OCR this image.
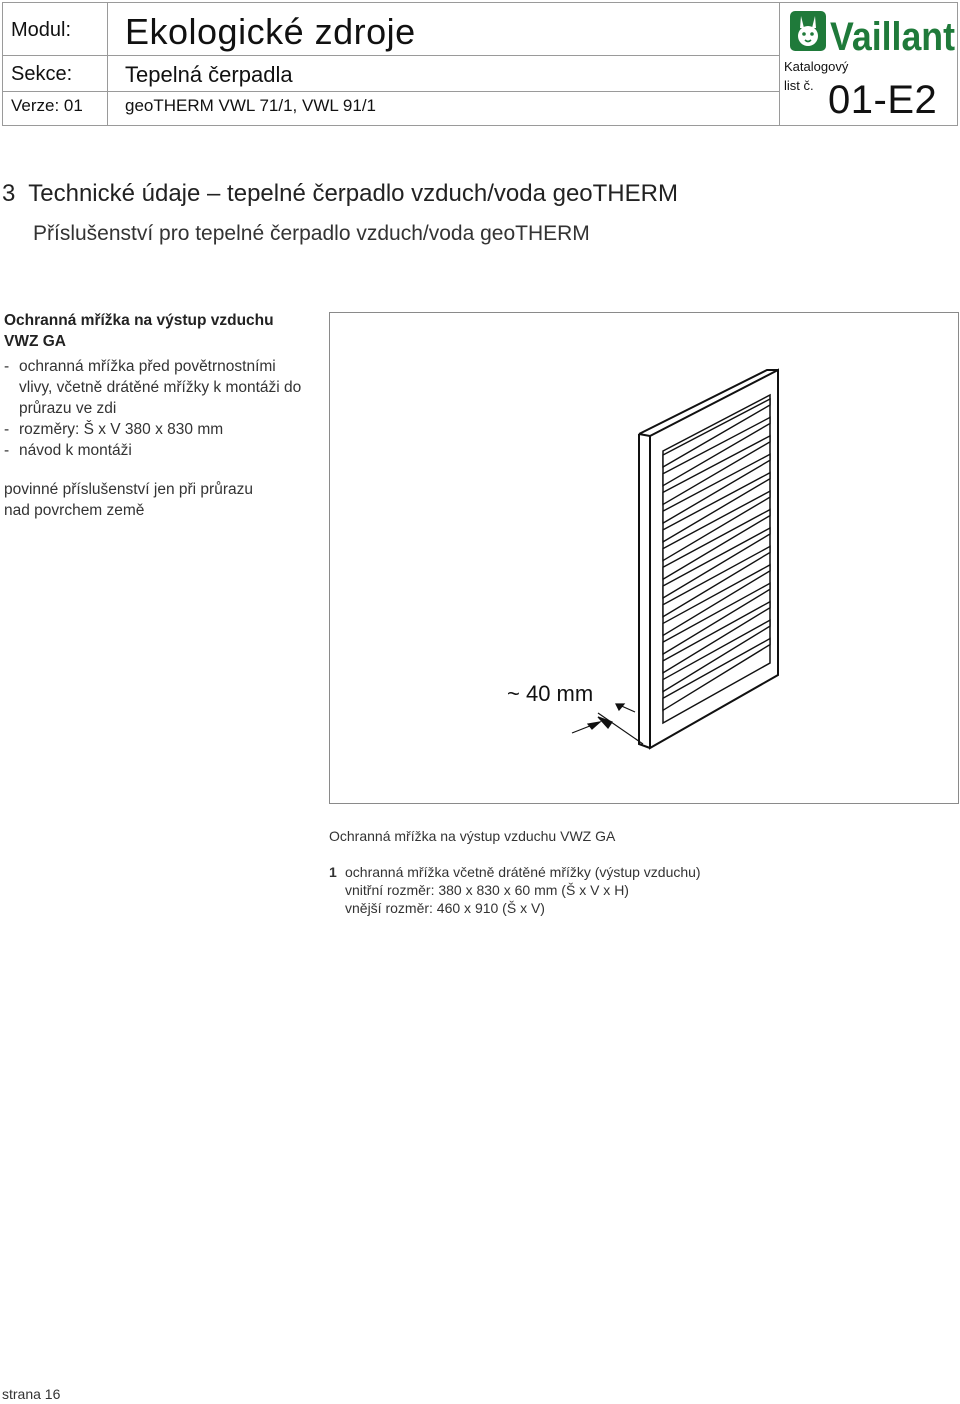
Modul: Ekologické zdroje
Sekce: Tepelná čerpadla
Verze: 01 geoTHERM VWL 71/1, VWL 91/1
Vaillant
Katalogový
list č. 01-E2
3  Technické údaje – tepelné čerpadlo vzduch/voda geoTHERM
Příslušenství pro tepelné čerpadlo vzduch/voda geoTHERM
Ochranná mřížka na výstup vzduchu
VWZ GA
- ochranná mřížka před povětrnostními vlivy, včetně drátěné mřížky k montáži do průrazu ve zdi
- rozměry: Š x V 380 x 830 mm
- návod k montáži
povinné příslušenství jen při průrazu
nad povrchem země
~ 40 mm
Ochranná mřížka na výstup vzduchu VWZ GA
1 ochranná mřížka včetně drátěné mřížky (výstup vzduchu)
vnitřní rozměr: 380 x 830 x 60 mm (Š x V x H)
vnější rozměr: 460 x 910 (Š x V)
strana 16
